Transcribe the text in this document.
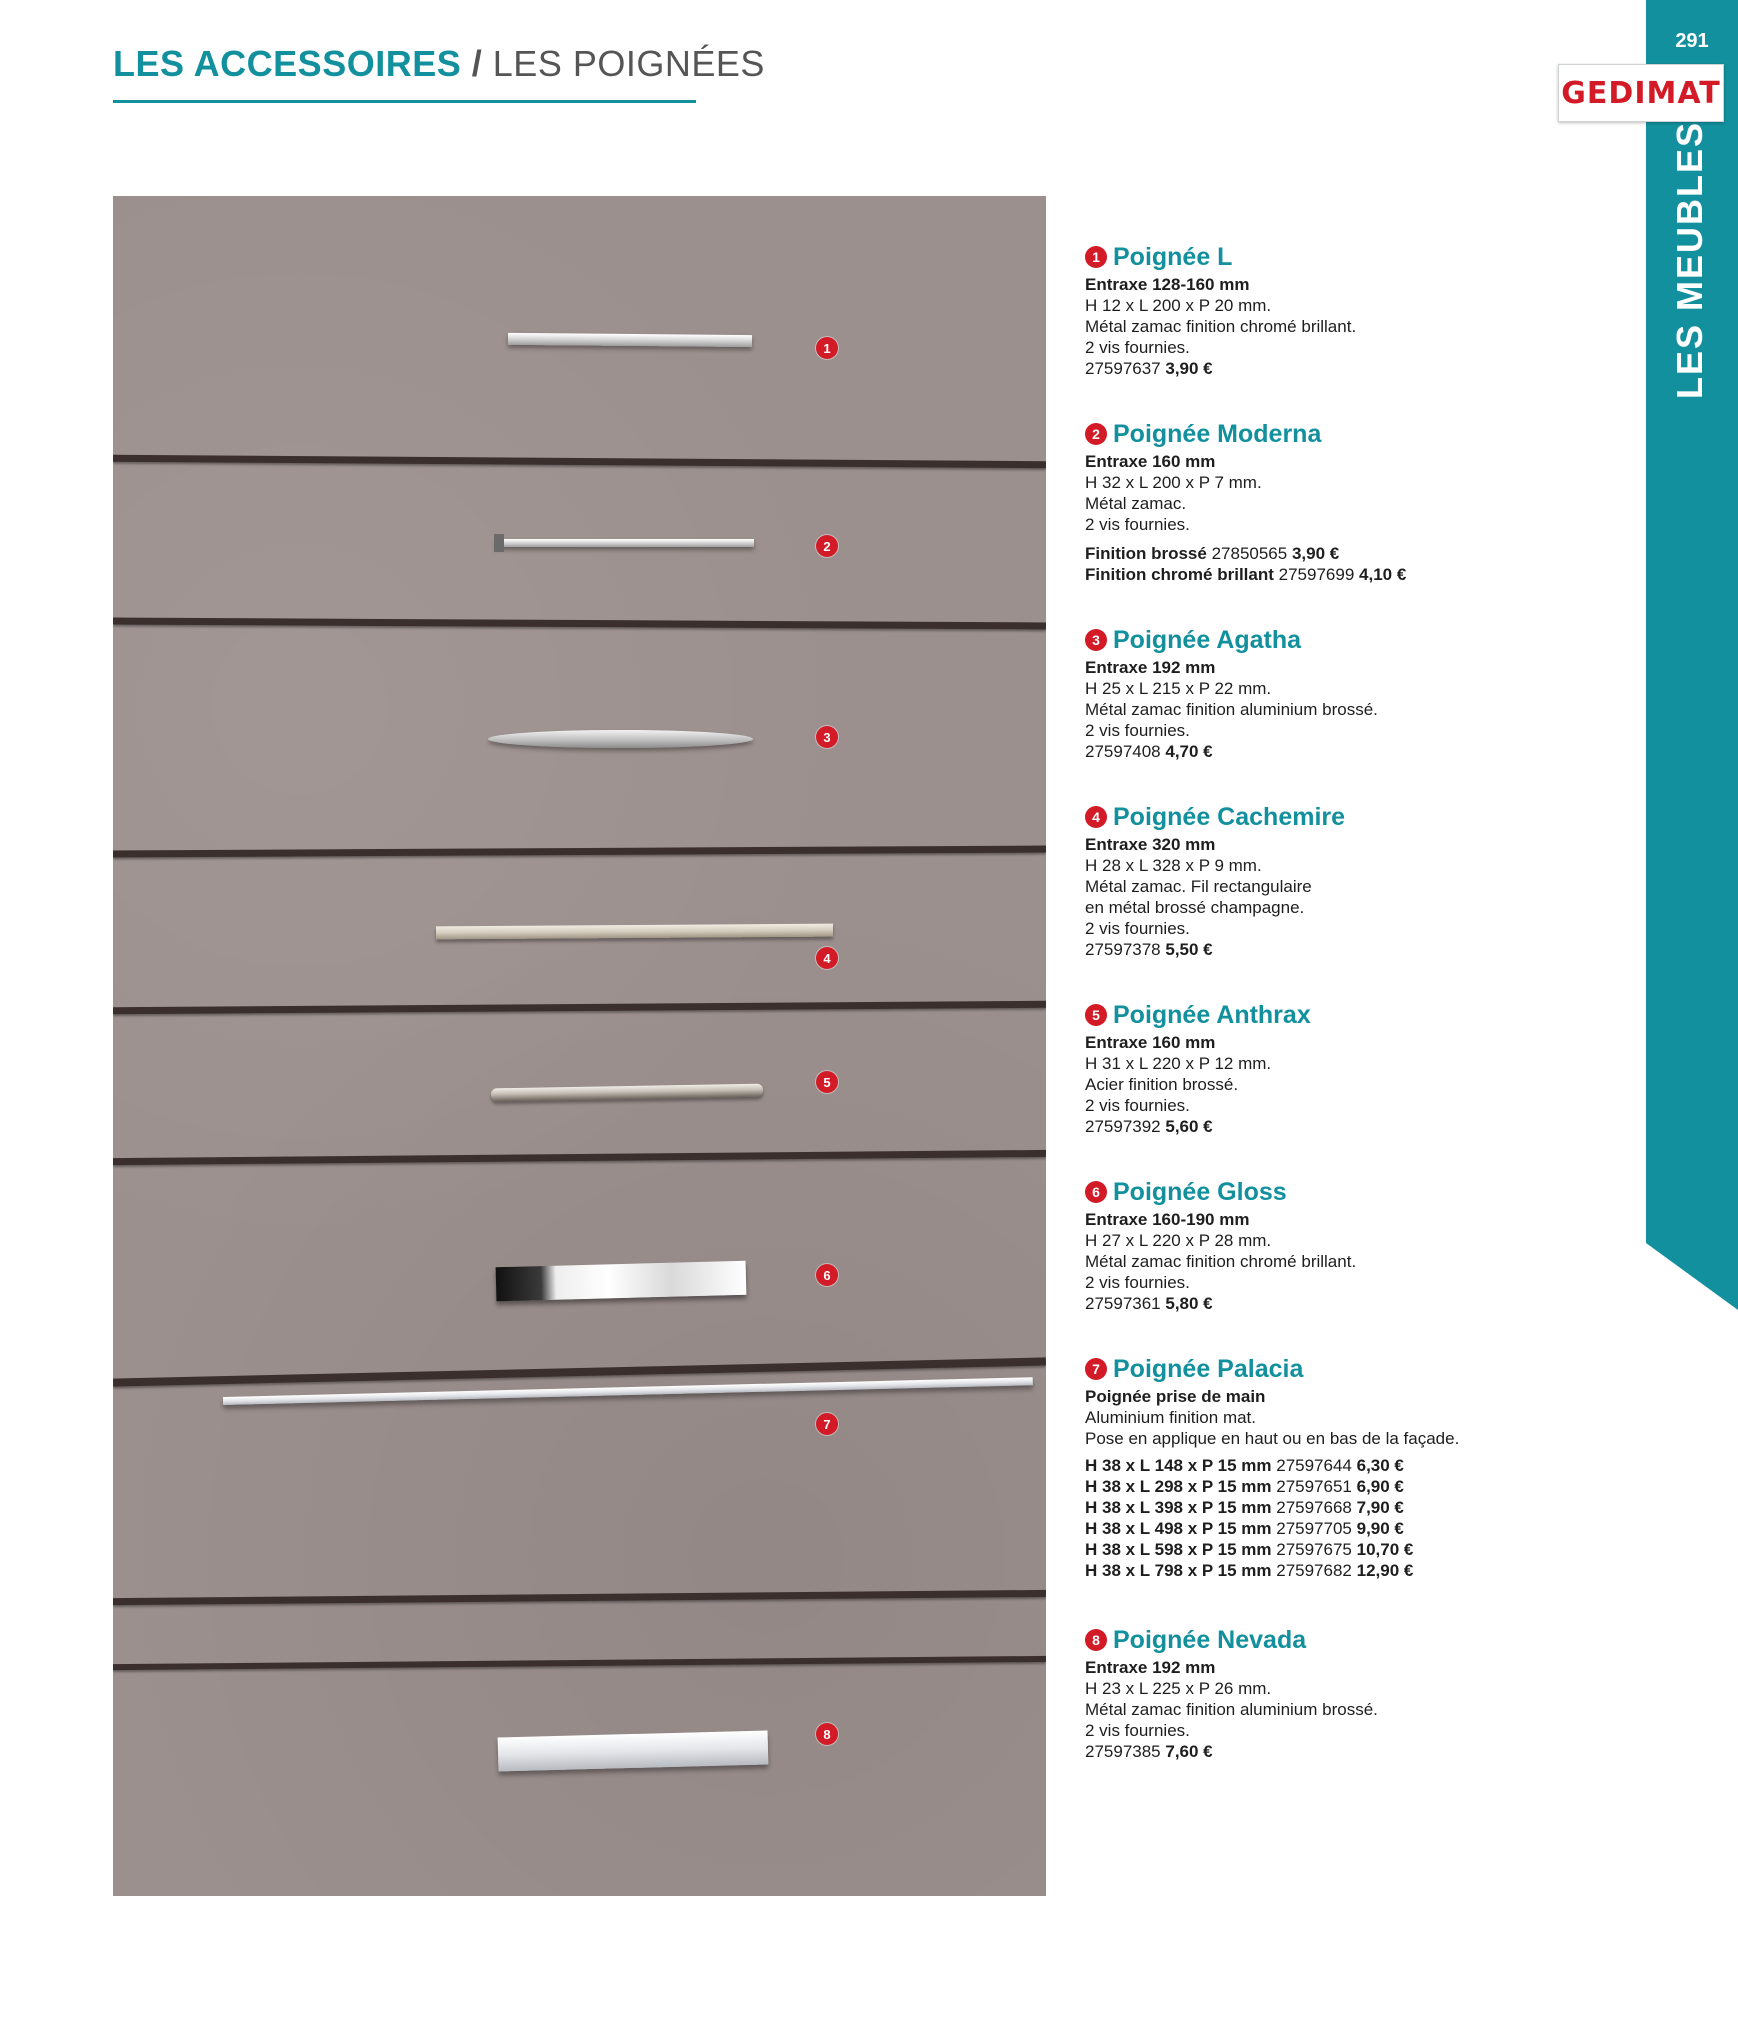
LES ACCESSOIRES / LES POIGNÉES
291
GEDIMAT
LES MEUBLES
1
2
3
4
5
6
7
8
1 Poignée L
Entraxe 128-160 mm
H 12 x L 200 x P 20 mm.
Métal zamac finition chromé brillant.
2 vis fournies.
27597637 3,90 €
2 Poignée Moderna
Entraxe 160 mm
H 32 x L 200 x P 7 mm.
Métal zamac.
2 vis fournies.
Finition brossé 27850565 3,90 €
Finition chromé brillant 27597699 4,10 €
3 Poignée Agatha
Entraxe 192 mm
H 25 x L 215 x P 22 mm.
Métal zamac finition aluminium brossé.
2 vis fournies.
27597408 4,70 €
4 Poignée Cachemire
Entraxe 320 mm
H 28 x L 328 x P 9 mm.
Métal zamac. Fil rectangulaire
en métal brossé champagne.
2 vis fournies.
27597378 5,50 €
5 Poignée Anthrax
Entraxe 160 mm
H 31 x L 220 x P 12 mm.
Acier finition brossé.
2 vis fournies.
27597392 5,60 €
6 Poignée Gloss
Entraxe 160-190 mm
H 27 x L 220 x P 28 mm.
Métal zamac finition chromé brillant.
2 vis fournies.
27597361 5,80 €
7 Poignée Palacia
Poignée prise de main
Aluminium finition mat.
Pose en applique en haut ou en bas de la façade.
H 38 x L 148 x P 15 mm 27597644 6,30 €
H 38 x L 298 x P 15 mm 27597651 6,90 €
H 38 x L 398 x P 15 mm 27597668 7,90 €
H 38 x L 498 x P 15 mm 27597705 9,90 €
H 38 x L 598 x P 15 mm 27597675 10,70 €
H 38 x L 798 x P 15 mm 27597682 12,90 €
8 Poignée Nevada
Entraxe 192 mm
H 23 x L 225 x P 26 mm.
Métal zamac finition aluminium brossé.
2 vis fournies.
27597385 7,60 €
